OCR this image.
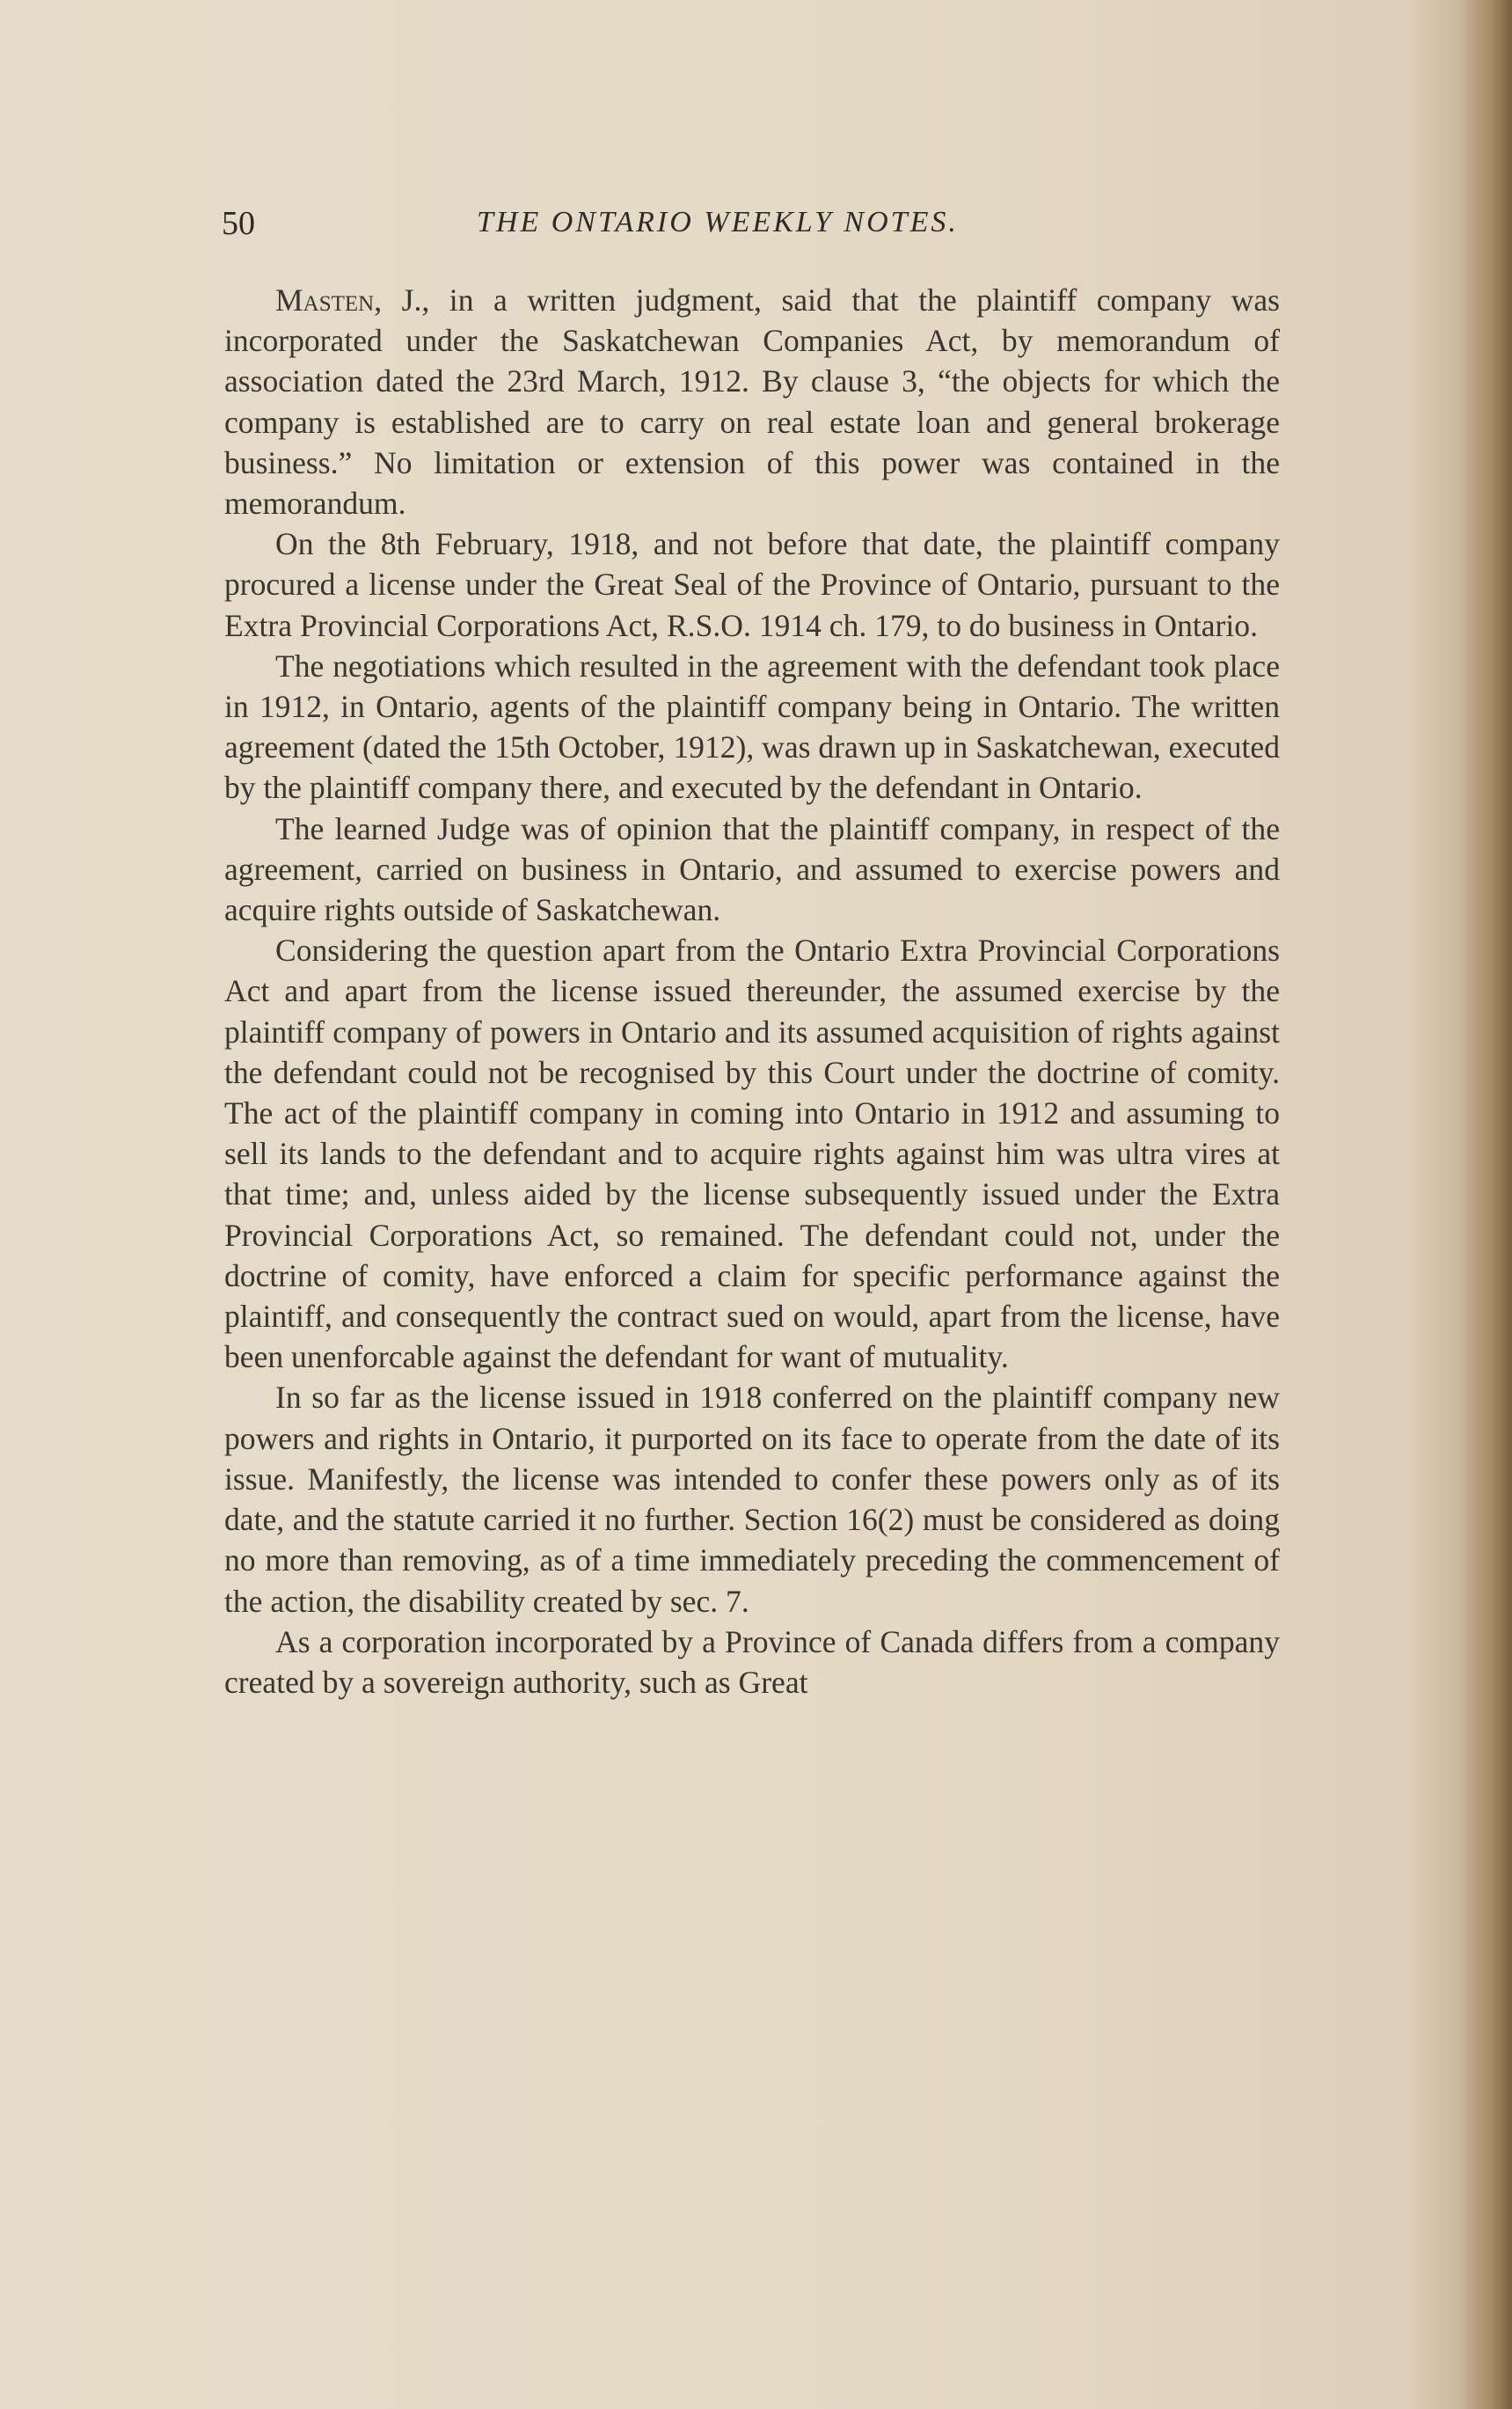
50	THE ONTARIO WEEKLY NOTES.

Masten, J., in a written judgment, said that the plaintiff company was incorporated under the Saskatchewan Companies Act, by memorandum of association dated the 23rd March, 1912. By clause 3, “the objects for which the company is established are to carry on real estate loan and general brokerage business.” No limitation or extension of this power was contained in the memorandum.

On the 8th February, 1918, and not before that date, the plaintiff company procured a license under the Great Seal of the Province of Ontario, pursuant to the Extra Provincial Corporations Act, R.S.O. 1914 ch. 179, to do business in Ontario.

The negotiations which resulted in the agreement with the defendant took place in 1912, in Ontario, agents of the plaintiff company being in Ontario. The written agreement (dated the 15th October, 1912), was drawn up in Saskatchewan, executed by the plaintiff company there, and executed by the defendant in Ontario.

The learned Judge was of opinion that the plaintiff company, in respect of the agreement, carried on business in Ontario, and assumed to exercise powers and acquire rights outside of Saskatchewan.

Considering the question apart from the Ontario Extra Provincial Corporations Act and apart from the license issued thereunder, the assumed exercise by the plaintiff company of powers in Ontario and its assumed acquisition of rights against the defendant could not be recognised by this Court under the doctrine of comity. The act of the plaintiff company in coming into Ontario in 1912 and assuming to sell its lands to the defendant and to acquire rights against him was ultra vires at that time; and, unless aided by the license subsequently issued under the Extra Provincial Corporations Act, so remained. The defendant could not, under the doctrine of comity, have enforced a claim for specific performance against the plaintiff, and consequently the contract sued on would, apart from the license, have been unenforcable against the defendant for want of mutuality.

In so far as the license issued in 1918 conferred on the plaintiff company new powers and rights in Ontario, it purported on its face to operate from the date of its issue. Manifestly, the license was intended to confer these powers only as of its date, and the statute carried it no further. Section 16(2) must be considered as doing no more than removing, as of a time immediately preceding the commencement of the action, the disability created by sec. 7.

As a corporation incorporated by a Province of Canada differs from a company created by a sovereign authority, such as Great
